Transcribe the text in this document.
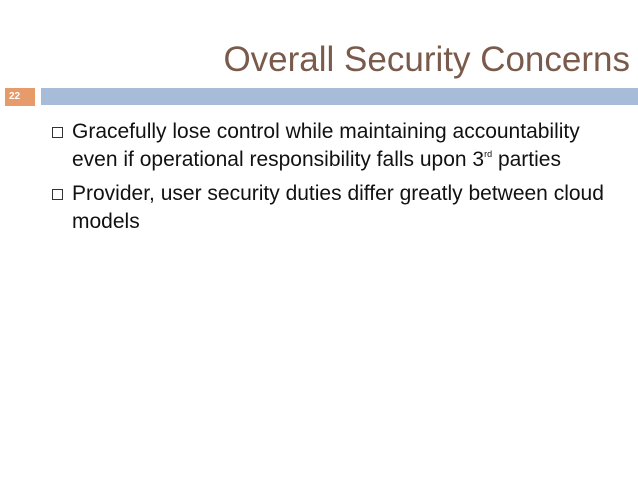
Overall Security Concerns
22
Gracefully lose control while maintaining accountability even if operational responsibility falls upon 3rd parties
Provider, user security duties differ greatly between cloud models
